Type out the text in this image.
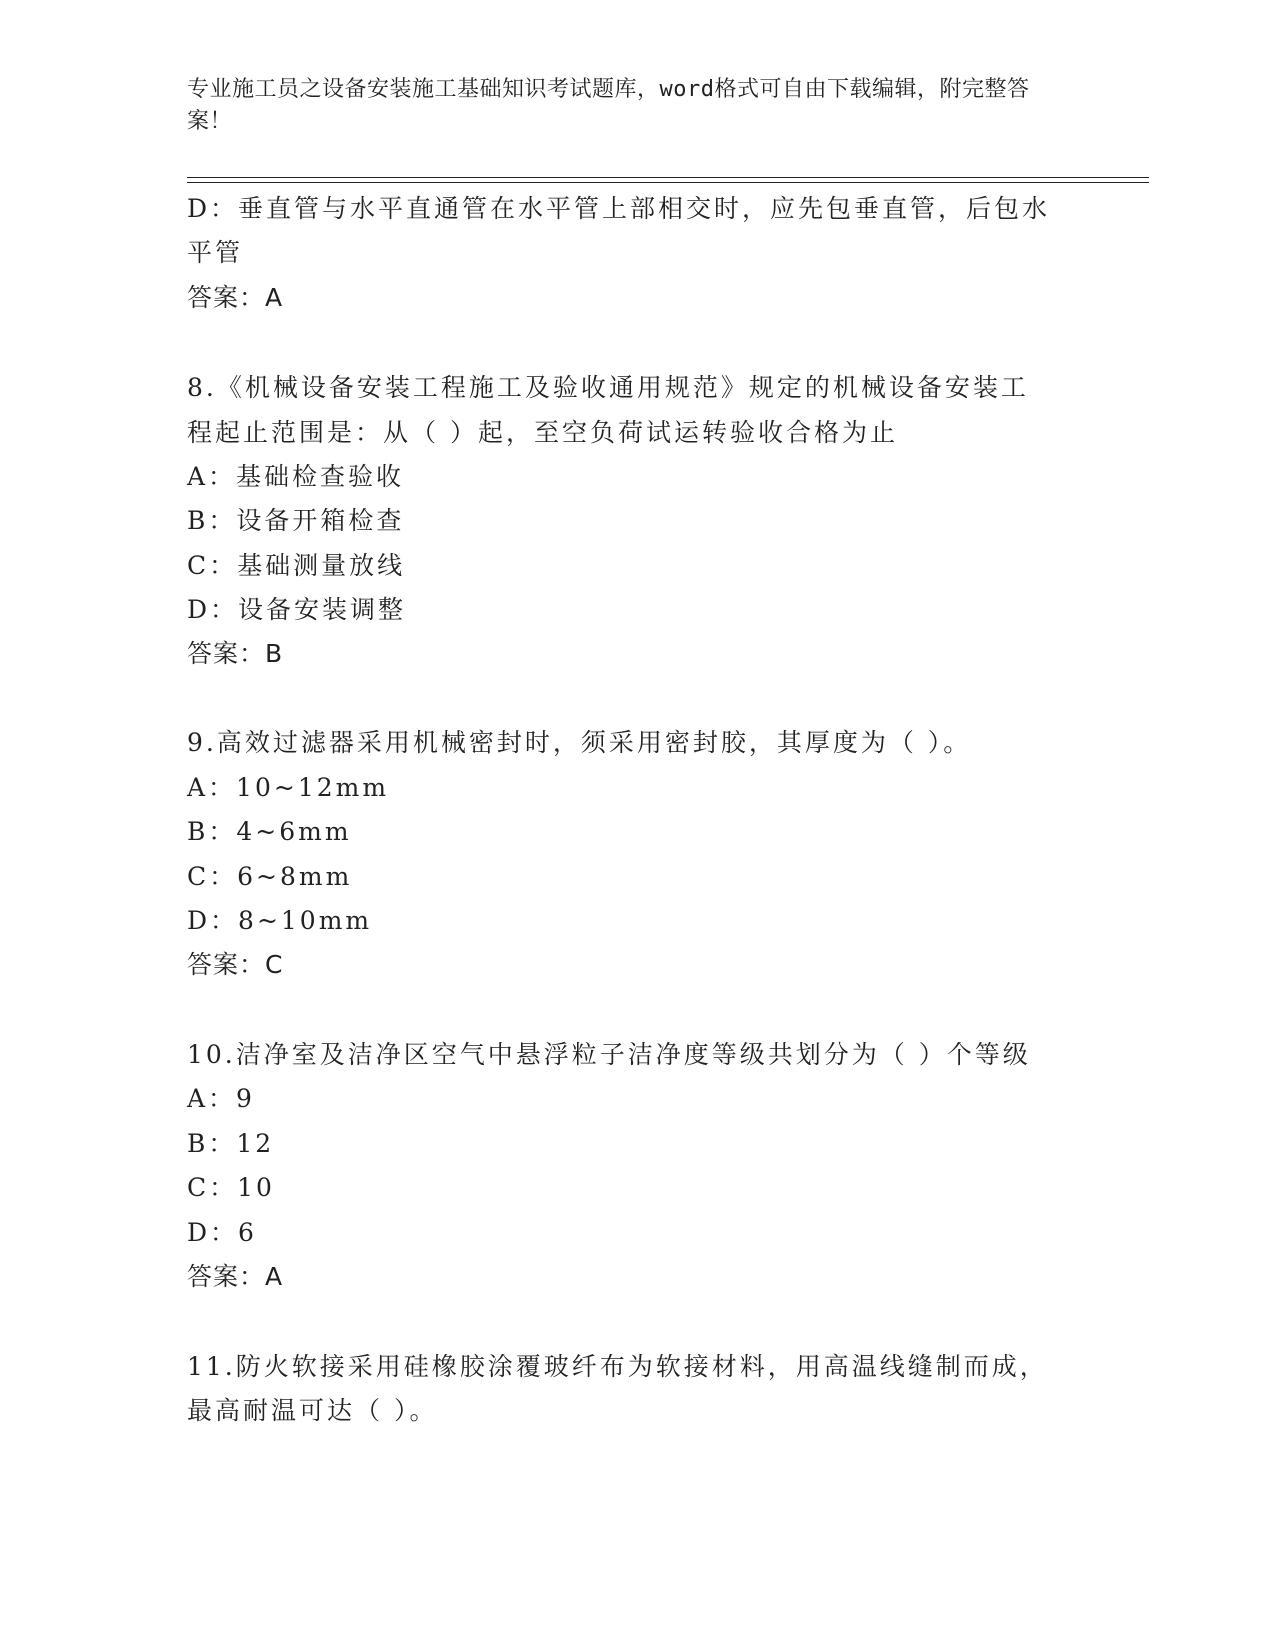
专业施工员之设备安装施工基础知识考试题库，word格式可自由下载编辑，附完整答案！
D：垂直管与水平直通管在水平管上部相交时，应先包垂直管，后包水
平管
答案：A
8.《机械设备安装工程施工及验收通用规范》规定的机械设备安装工
程起止范围是：从（ ）起，至空负荷试运转验收合格为止
A：基础检查验收
B：设备开箱检查
C：基础测量放线
D：设备安装调整
答案：B
9.高效过滤器采用机械密封时，须采用密封胶，其厚度为（ ）。
A：10~12mm
B：4~6mm
C：6~8mm
D：8~10mm
答案：C
10.洁净室及洁净区空气中悬浮粒子洁净度等级共划分为（ ）个等级
A：9
B：12
C：10
D：6
答案：A
11.防火软接采用硅橡胶涂覆玻纤布为软接材料，用高温线缝制而成，
最高耐温可达（ ）。
